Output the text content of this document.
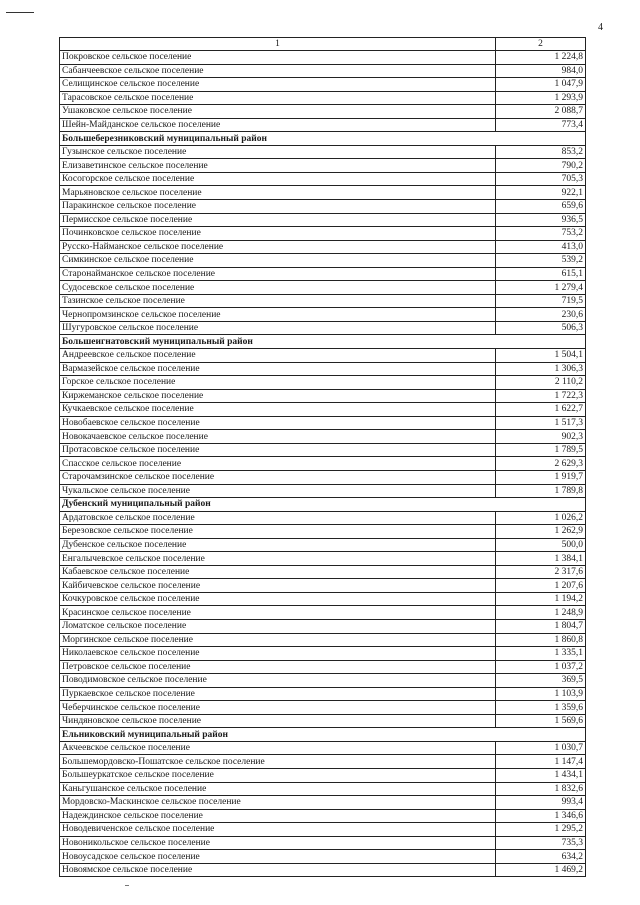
4
1	2
Покровское сельское поселение	1 224,8
Сабанчеевское сельское поселение	984,0
Селищинское сельское поселение	1 047,9
Тарасовское сельское поселение	1 293,9
Ушаковское сельское поселение	2 088,7
Шейн-Майданское сельское поселение	773,4
Большеберезниковский муниципальный район	
Гузынское сельское поселение	853,2
Елизаветинское сельское поселение	790,2
Косогорское сельское поселение	705,3
Марьяновское сельское поселение	922,1
Паракинское сельское поселение	659,6
Пермисское сельское поселение	936,5
Починковское сельское поселение	753,2
Русско-Найманское сельское поселение	413,0
Симкинское сельское поселение	539,2
Старонайманское сельское поселение	615,1
Судосевское сельское поселение	1 279,4
Тазинское сельское поселение	719,5
Чернопромзинское сельское поселение	230,6
Шугуровское сельское поселение	506,3
Большеигнатовский муниципальный район	
Андреевское сельское поселение	1 504,1
Вармазейское сельское поселение	1 306,3
Горское сельское поселение	2 110,2
Киржеманское сельское поселение	1 722,3
Кучкаевское сельское поселение	1 622,7
Новобаевское сельское поселение	1 517,3
Новокачаевское сельское поселение	902,3
Протасовское сельское поселение	1 789,5
Спасское сельское поселение	2 629,3
Старочамзинское сельское поселение	1 919,7
Чукальское сельское поселение	1 789,8
Дубенский муниципальный район	
Ардатовское сельское поселение	1 026,2
Березовское сельское поселение	1 262,9
Дубенское сельское поселение	500,0
Енгалычевское сельское поселение	1 384,1
Кабаевское сельское поселение	2 317,6
Кайбичевское сельское поселение	1 207,6
Кочкуровское сельское поселение	1 194,2
Красинское сельское поселение	1 248,9
Ломатское сельское поселение	1 804,7
Моргинское сельское поселение	1 860,8
Николаевское сельское поселение	1 335,1
Петровское сельское поселение	1 037,2
Поводимовское сельское поселение	369,5
Пуркаевское сельское поселение	1 103,9
Чеберчинское сельское поселение	1 359,6
Чиндяновское сельское поселение	1 569,6
Ельниковский муниципальный район	
Акчеевское сельское поселение	1 030,7
Большемордовско-Пошатское сельское поселение	1 147,4
Большеуркатское сельское поселение	1 434,1
Каньгушанское сельское поселение	1 832,6
Мордовско-Маскинское сельское поселение	993,4
Надеждинское сельское поселение	1 346,6
Новодевиченское сельское поселение	1 295,2
Новоникольское сельское поселение	735,3
Новоусадское сельское поселение	634,2
Новоямское сельское поселение	1 469,2
